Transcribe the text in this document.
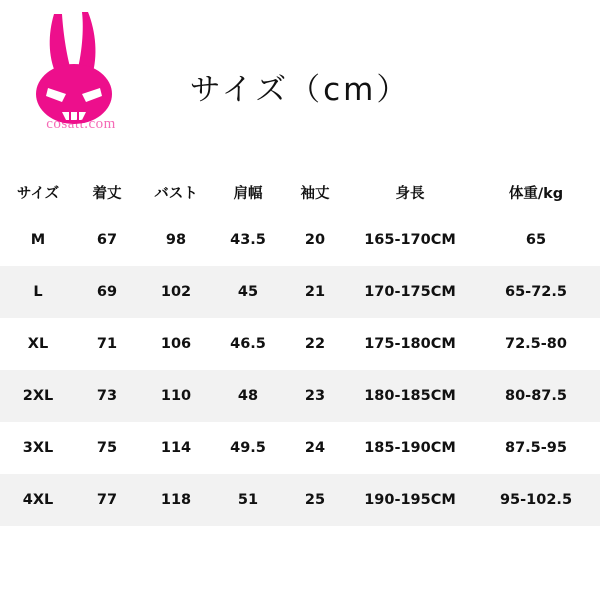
cosatt.com
サイズ（cm）
サイズ	着丈	バスト	肩幅	袖丈	身長	体重/kg
M	67	98	43.5	20	165-170CM	65
L	69	102	45	21	170-175CM	65-72.5
XL	71	106	46.5	22	175-180CM	72.5-80
2XL	73	110	48	23	180-185CM	80-87.5
3XL	75	114	49.5	24	185-190CM	87.5-95
4XL	77	118	51	25	190-195CM	95-102.5
